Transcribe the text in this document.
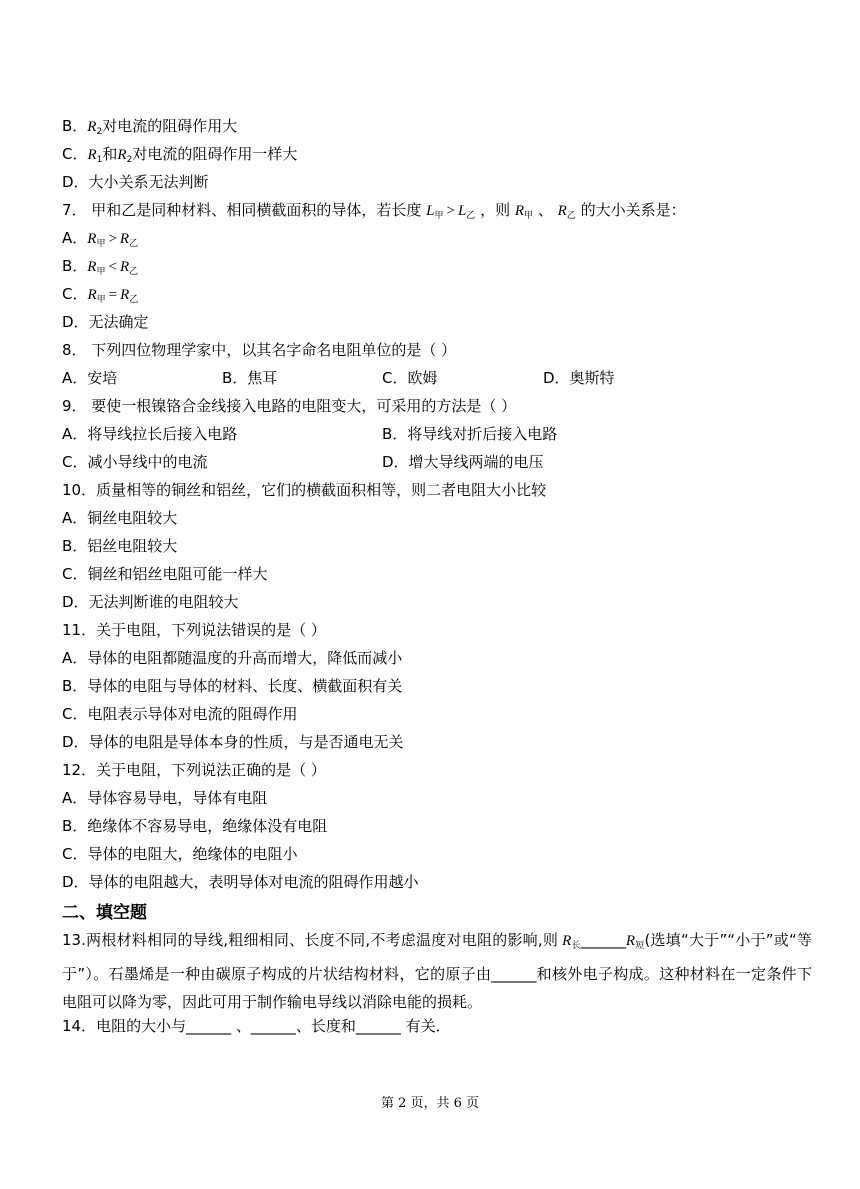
B．$R_2$对电流的阻碍作用大
C．$R_1$和$R_2$对电流的阻碍作用一样大
D．大小关系无法判断
7． 甲和乙是同种材料、相同横截面积的导体，若长度 $L_甲 > L_乙$ ，则 $R_甲$ 、 $R_乙$ 的大小关系是：
A．$R_甲 > R_乙$
B．$R_甲 < R_乙$
C．$R_甲 = R_乙$
D．无法确定
8． 下列四位物理学家中，以其名字命名电阻单位的是（ ）
A．安培	B．焦耳	C．欧姆	D．奥斯特
9． 要使一根镍铬合金线接入电路的电阻变大，可采用的方法是（ ）
A．将导线拉长后接入电路	B．将导线对折后接入电路
C．减小导线中的电流	D．增大导线两端的电压
10．质量相等的铜丝和铝丝，它们的横截面积相等，则二者电阻大小比较
A．铜丝电阻较大
B．铝丝电阻较大
C．铜丝和铝丝电阻可能一样大
D．无法判断谁的电阻较大
11．关于电阻，下列说法错误的是（ ）
A．导体的电阻都随温度的升高而增大，降低而减小
B．导体的电阻与导体的材料、长度、横截面积有关
C．电阻表示导体对电流的阻碍作用
D．导体的电阻是导体本身的性质，与是否通电无关
12．关于电阻，下列说法正确的是（ ）
A．导体容易导电，导体有电阻
B．绝缘体不容易导电，绝缘体没有电阻
C．导体的电阻大，绝缘体的电阻小
D．导体的电阻越大，表明导体对电流的阻碍作用越小
二、填空题
13.两根材料相同的导线,粗细相同、长度不同,不考虑温度对电阻的影响,则 $R_长\_\_\_\_\_\_R_短$(选填“大于”“小于”或“等于”）。石墨烯是一种由碳原子构成的片状结构材料，它的原子由______和核外电子构成。这种材料在一定条件下电阻可以降为零，因此可用于制作输电导线以消除电能的损耗。
14．电阻的大小与______ 、______、长度和______ 有关．
第 2 页，共 6 页
